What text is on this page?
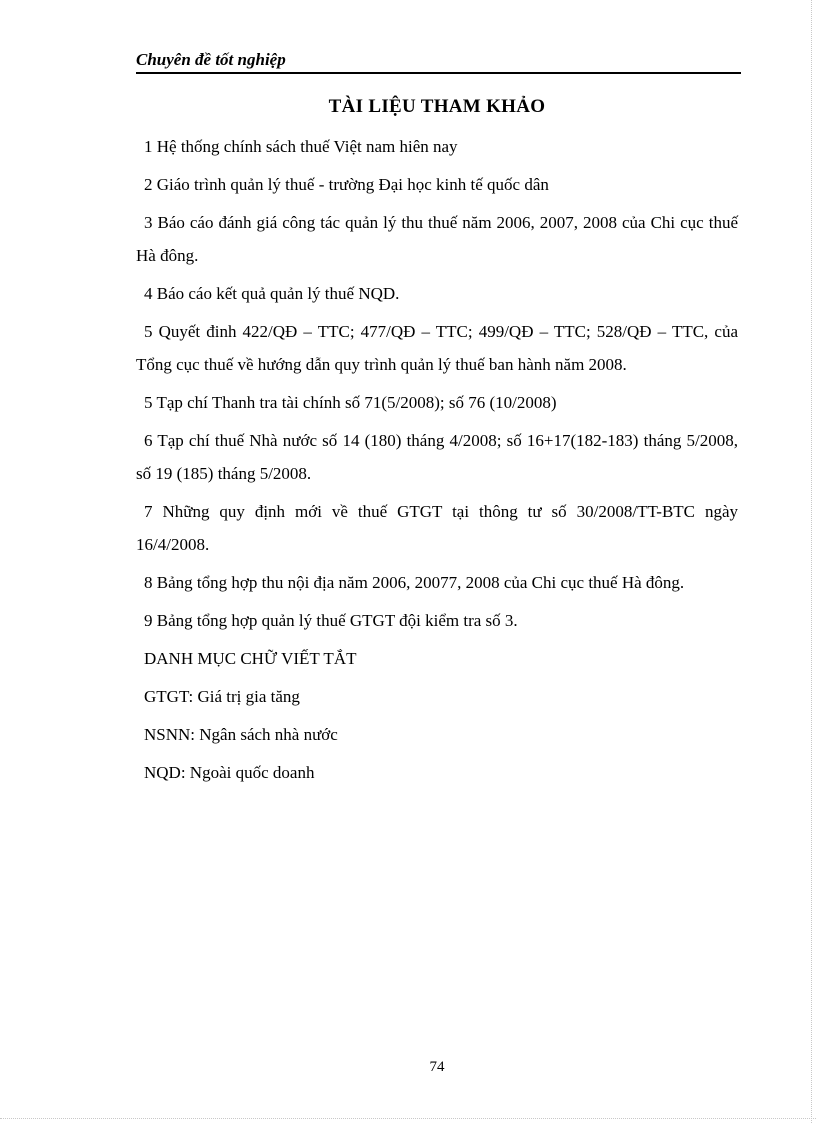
Chuyên đề tốt nghiệp
TÀI LIỆU THAM KHẢO
1 Hệ thống chính sách thuế Việt nam hiên nay
2 Giáo trình quản lý thuế - trường Đại học kinh tế quốc dân
3 Báo cáo đánh giá công tác quản lý thu thuế năm 2006, 2007, 2008 của Chi cục thuế Hà đông.
4 Báo cáo kết quả quản lý thuế NQD.
5 Quyết đinh 422/QĐ – TTC; 477/QĐ – TTC; 499/QĐ – TTC; 528/QĐ – TTC, của Tổng cục thuế về hướng dẫn quy trình quản lý thuế ban hành năm 2008.
5 Tạp chí Thanh tra tài chính số 71(5/2008); số 76 (10/2008)
6 Tạp chí thuế Nhà nước số 14 (180) tháng 4/2008; số 16+17(182-183) tháng 5/2008, số 19 (185) tháng 5/2008.
7 Những quy định mới về thuế GTGT tại thông tư số 30/2008/TT-BTC ngày 16/4/2008.
8 Bảng tổng hợp thu nội địa năm 2006, 20077, 2008 của Chi cục thuế Hà đông.
9 Bảng tổng hợp quản lý thuế GTGT đội kiểm tra số 3.
DANH MỤC CHỮ VIẾT TẮT
GTGT: Giá trị gia tăng
NSNN: Ngân sách nhà nước
NQD: Ngoài quốc doanh
74
